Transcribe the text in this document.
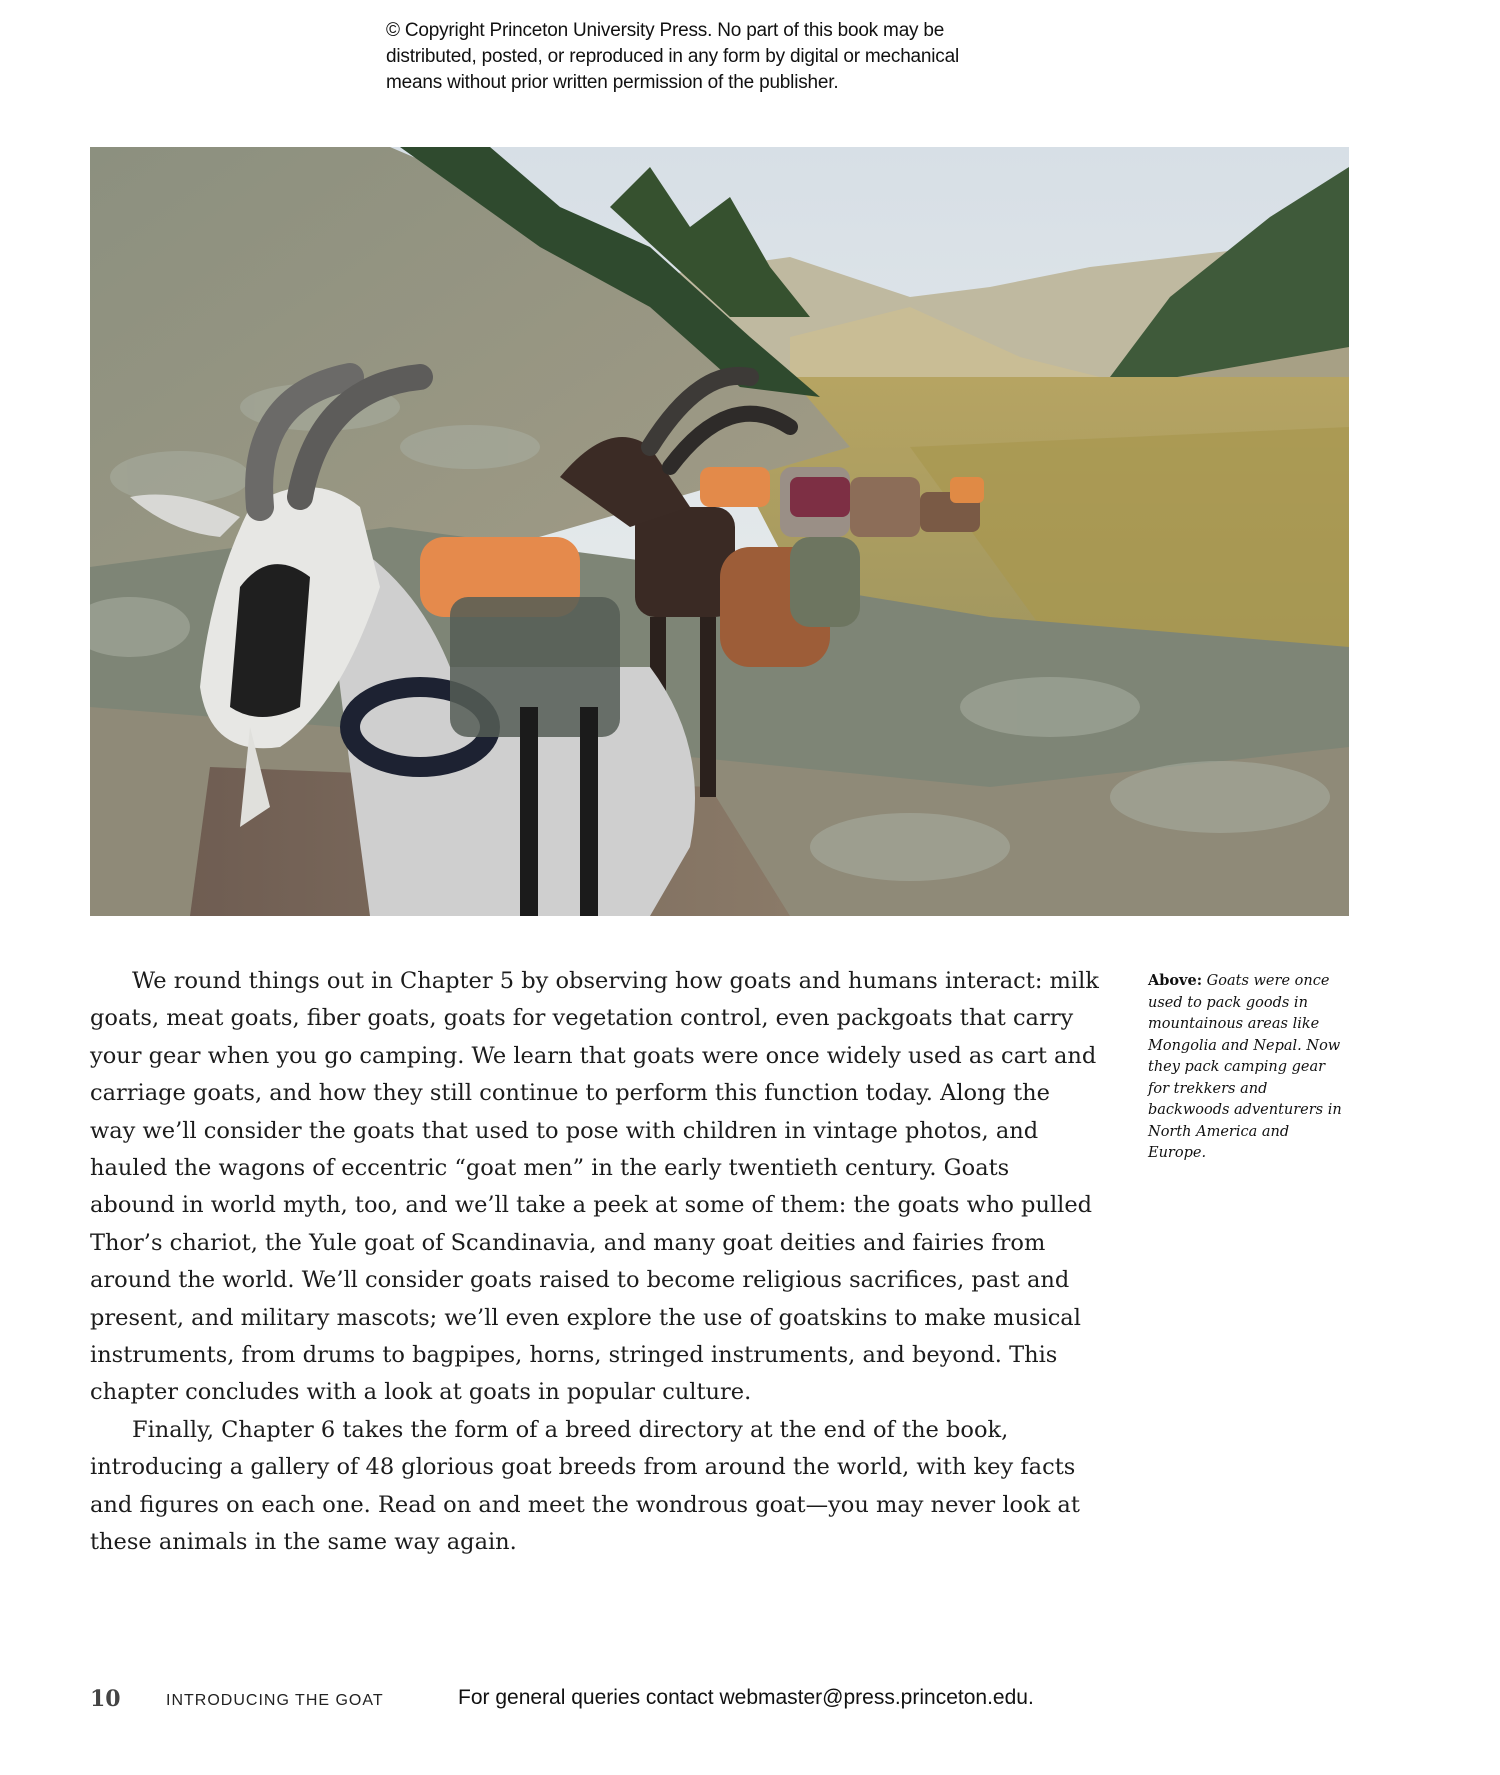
© Copyright Princeton University Press. No part of this book may be

distributed, posted, or reproduced in any form by digital or mechanical

means without prior written permission of the publisher.

Above: Goats were once used to pack goods in mountainous areas like Mongolia and Nepal. Now they pack camping gear for trekkers and backwoods adventurers in North America and Europe.

We round things out in Chapter 5 by observing how goats and humans interact: milk goats, meat goats, fiber goats, goats for vegetation control, even packgoats that carry your gear when you go camping. We learn that goats were once widely used as cart and carriage goats, and how they still continue to perform this function today. Along the way we’ll consider the goats that used to pose with children in vintage photos, and hauled the wagons of eccentric “goat men” in the early twentieth century. Goats abound in world myth, too, and we’ll take a peek at some of them: the goats who pulled Thor’s chariot, the Yule goat of Scandinavia, and many goat deities and fairies from around the world. We’ll consider goats raised to become religious sacrifices, past and present, and military mascots; we’ll even explore the use of goatskins to make musical instruments, from drums to bagpipes, horns, stringed instruments, and beyond. This chapter concludes with a look at goats in popular culture.

Finally, Chapter 6 takes the form of a breed directory at the end of the book, introducing a gallery of 48 glorious goat breeds from around the world, with key facts and figures on each one. Read on and meet the wondrous goat—you may never look at these animals in the same way again.

10	INTRODUCING THE GOAT	For general queries contact webmaster@press.princeton.edu.
